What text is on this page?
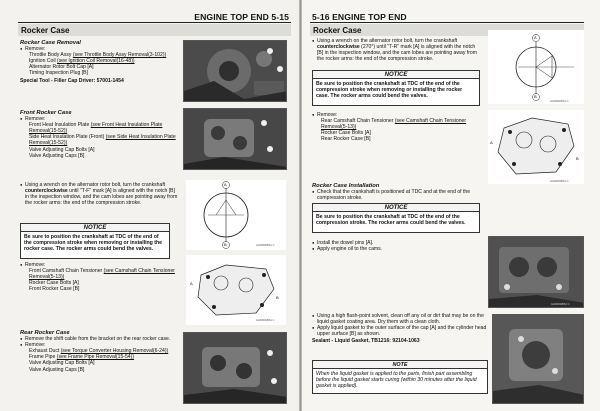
ENGINE TOP END 5-15
Rocker Case
Rocker Case Removal
● Remove:
Throttle Body Assy (see Throttle Body Assy Removal(3-102))
Ignition Coil (see Ignition Coil Removal(16-48))
Alternator Rotor Bolt Cap [A]
Timing Inspection Plug [B]
Special Tool - Filler Cap Driver: 57001-1454
Front Rocker Case
● Remove:
Front Heat Insulation Plate (see Front Heat Insulation Plate Removal(15-52))
Side Heat Insulation Plate (Front) (see Side Heat Insulation Plate Removal(15-52))
Valve Adjusting Cap Bolts [A]
Valve Adjusting Caps [B]
● Using a wrench on the alternator rotor bolt, turn the crankshaft counterclockwise until "T-F" mark [A] is aligned with the notch [B] in the inspection window, and the cam lobes are pointing away from the rocker arms: the end of the compression stroke.
NOTICE
Be sure to position the crankshaft at TDC of the end of the compression stroke when removing or installing the rocker case. The rocker arms could bend the valves.
A
B	GA09090BS1 C
● Remove:
Front Camshaft Chain Tensioner (see Camshaft Chain Tensioner Removal(5-13))
Rocker Case Bolts [A]
Front Rocker Case [B]
A
B
GA09091BS1 C
Rear Rocker Case
● Remove the shift cable from the bracket on the rear rocker case.
● Remove:
Exhaust Duct (see Torque Converter Housing Removal(6-24))
Frame Pipe (see Frame Pipe Removal(15-54))
Valve Adjusting Cap Bolts [A]
Valve Adjusting Caps [B]
5-16 ENGINE TOP END
Rocker Case
● Using a wrench on the alternator rotor bolt, turn the crankshaft counterclockwise (270°) until "T-R" mark [A] is aligned with the notch [B] in the inspection window, and the cam lobes are pointing away from the rocker arms: the end of the compression stroke.
NOTICE
Be sure to position the crankshaft at TDC of the end of the compression stroke when removing or installing the rocker case. The rocker arms could bend the valves.
A
B
GA09092BS1 C
● Remove:
Rear Camshaft Chain Tensioner (see Camshaft Chain Tensioner Removal(5-13))
Rocker Case Bolts [A]
Rear Rocker Case [B]
A
B
GA09093BS1 C
Rocker Case Installation
● Check that the crankshaft is positioned at TDC and at the end of the compression stroke.
NOTICE
Be sure to position the crankshaft at TDC of the end of the compression stroke. The rocker arms could bend the valves.
● Install the dowel pins [A].
● Apply engine oil to the cams.
GA09094BS1 C
● Using a high flash-point solvent, clean off any oil or dirt that may be on the liquid gasket coating area. Dry them with a clean cloth.
● Apply liquid gasket to the outer surface of the cap [A] and the cylinder head upper surface [B] as shown.
Sealant - Liquid Gasket, TB1216: 92104-1063
NOTE
When the liquid gasket is applied to the parts, finish part assembling before the liquid gasket starts curing (within 30 minutes after the liquid gasket is applied).
